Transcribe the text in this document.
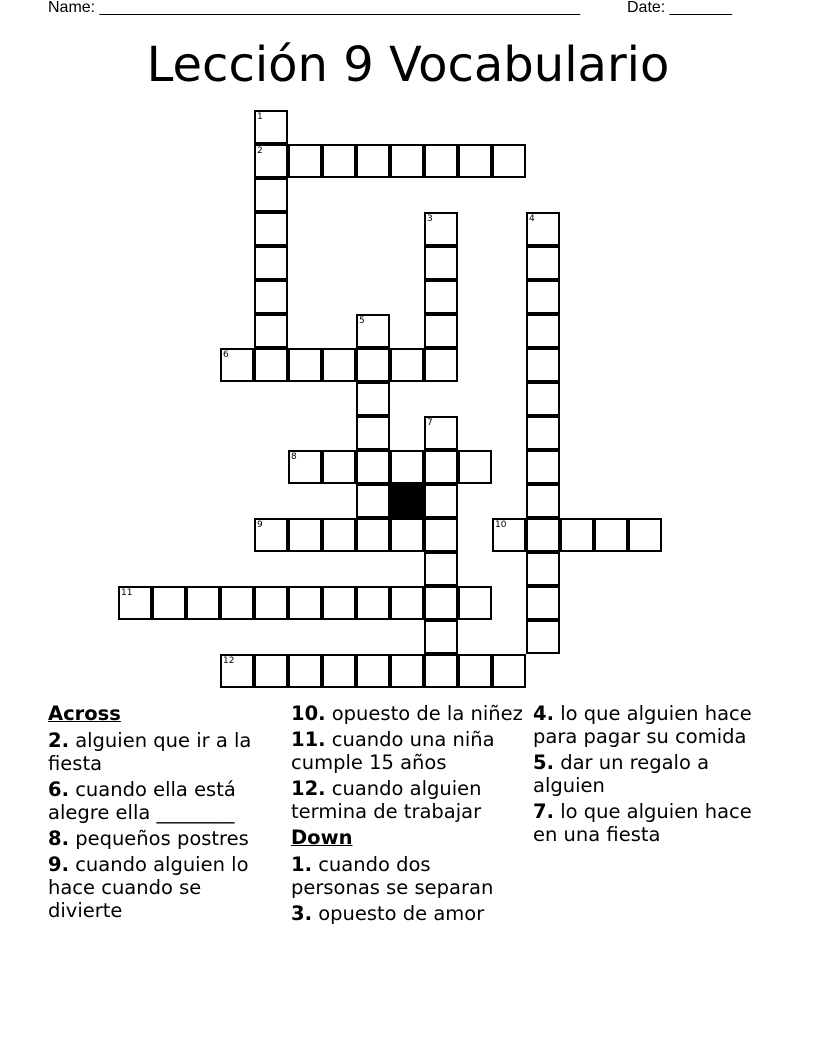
Name: ______________________________________________________	Date: _______
Lección 9 Vocabulario
1
2
3	4
5
6
7
8
9	10
11
12
Across
2. alguien que ir a la fiesta
6. cuando ella está alegre ella ________
8. pequeños postres
9. cuando alguien lo hace cuando se divierte
10. opuesto de la niñez
11. cuando una niña cumple 15 años
12. cuando alguien termina de trabajar
Down
1. cuando dos personas se separan
3. opuesto de amor
4. lo que alguien hace para pagar su comida
5. dar un regalo a alguien
7. lo que alguien hace en una fiesta
